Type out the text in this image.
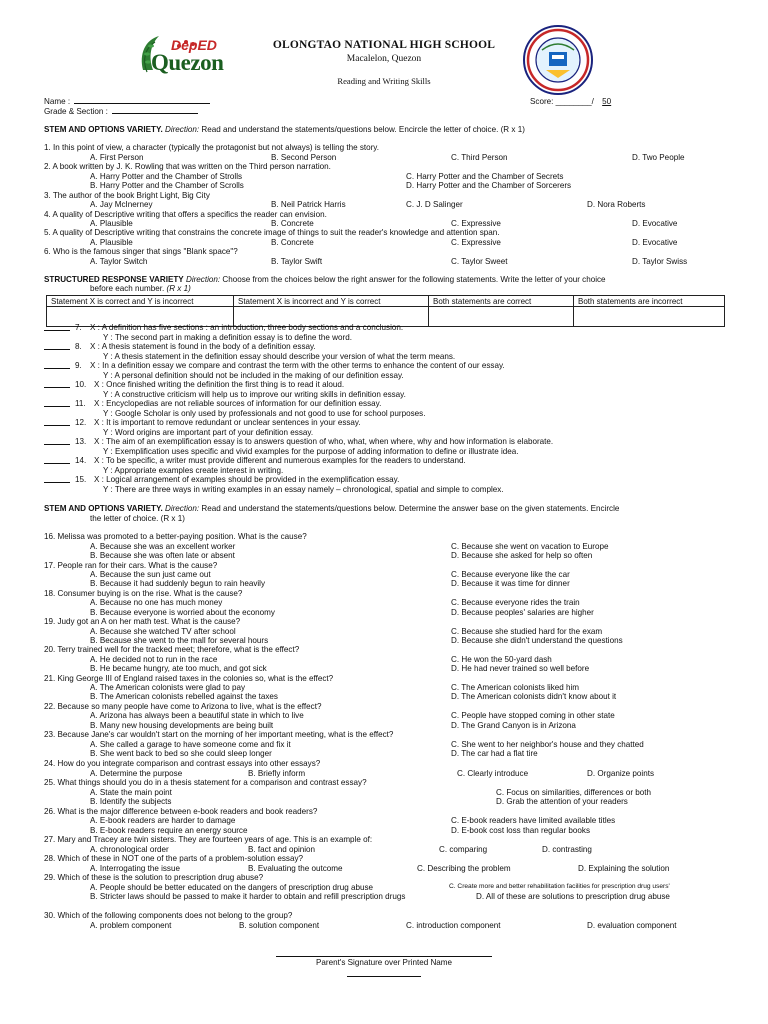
DepED
Quezon
OLONGTAO NATIONAL HIGH SCHOOL
Macalelon, Quezon
Reading and Writing Skills
Name :
Grade & Section :
Score: ________/ 50
STEM AND OPTIONS VARIETY. Direction: Read and understand the statements/questions below. Encircle the letter of choice. (R x 1)
1. In this point of view, a character (typically the protagonist but not always) is telling the story.
A. First Person	B. Second Person	C. Third Person	D. Two People
2. A book written by J. K. Rowling that was written on the Third person narration.
A. Harry Potter and the Chamber of Strolls
B. Harry Potter and the Chamber of Scrolls
C. Harry Potter and the Chamber of Secrets
D. Harry Potter and the Chamber of Sorcerers
3. The author of the book Bright Light, Big City
A. Jay McInerney	B. Neil Patrick Harris	C. J. D Salinger	D. Nora Roberts
4. A quality of Descriptive writing that offers a specifics the reader can envision.
A. Plausible	B. Concrete	C. Expressive	D. Evocative
5. A quality of Descriptive writing that constrains the concrete image of things to suit the reader's knowledge and attention span.
A. Plausible	B. Concrete	C. Expressive	D. Evocative
6. Who is the famous singer that sings "Blank space"?
A. Taylor Switch	B. Taylor Swift	C. Taylor Sweet	D. Taylor Swiss
STRUCTURED RESPONSE VARIETY Direction: Choose from the choices below the right answer for the following statements. Write the letter of your choice
before each number. (R x 1)
Statement X is correct and Y is incorrect	Statement X is incorrect and Y is correct	Both statements are correct	Both statements are incorrect

7. X : A definition has five sections : an introduction, three body sections and a conclusion.
Y : The second part in making a definition essay is to define the word.
8. X : A thesis statement is found in the body of a definition essay.
Y : A thesis statement in the definition essay should describe your version of what the term means.
9. X : In a definition essay we compare and contrast the term with the other terms to enhance the content of our essay.
Y : A personal definition should not be included in the making of our definition essay.
10. X : Once finished writing the definition the first thing is to read it aloud.
Y : A constructive criticism will help us to improve our writing skills in definition essay.
11. X : Encyclopedias are not reliable sources of information for our definition essay.
Y : Google Scholar is only used by professionals and not good to use for school purposes.
12. X : It is important to remove redundant or unclear sentences in your essay.
Y : Word origins are important part of your definition essay.
13. X : The aim of an exemplification essay is to answers question of who, what, when where, why and how information is elaborate.
Y : Exemplification uses specific and vivid examples for the purpose of adding information to define or illustrate idea.
14. X : To be specific, a writer must provide different and numerous examples for the readers to understand.
Y : Appropriate examples create interest in writing.
15. X : Logical arrangement of examples should be provided in the exemplification essay.
Y : There are three ways in writing examples in an essay namely – chronological, spatial and simple to complex.
STEM AND OPTIONS VARIETY. Direction: Read and understand the statements/questions below. Determine the answer base on the given statements. Encircle
the letter of choice. (R x 1)
16. Melissa was promoted to a better-paying position. What is the cause?
A. Because she was an excellent worker
B. Because she was often late or absent
C. Because she went on vacation to Europe
D. Because she asked for help so often
17. People ran for their cars. What is the cause?
A. Because the sun just came out
B. Because it had suddenly begun to rain heavily
C. Because everyone like the car
D. Because it was time for dinner
18. Consumer buying is on the rise. What is the cause?
A. Because no one has much money
B. Because everyone is worried about the economy
C. Because everyone rides the train
D. Because peoples' salaries are higher
19. Judy got an A on her math test. What is the cause?
A. Because she watched TV after school
B. Because she went to the mall for several hours
C. Because she studied hard for the exam
D. Because she didn't understand the questions
20. Terry trained well for the tracked meet; therefore, what is the effect?
A. He decided not to run in the race
B. He became hungry, ate too much, and got sick
C. He won the 50-yard dash
D. He had never trained so well before
21. King George III of England raised taxes in the colonies so, what is the effect?
A. The American colonists were glad to pay
B. The American colonists rebelled against the taxes
C. The American colonists liked him
D. The American colonists didn't know about it
22. Because so many people have come to Arizona to live, what is the effect?
A. Arizona has always been a beautiful state in which to live
B. Many new housing developments are being built
C. People have stopped coming in other state
D. The Grand Canyon is in Arizona
23. Because Jane's car wouldn't start on the morning of her important meeting, what is the effect?
A. She called a garage to have someone come and fix it
B. She went back to bed so she could sleep longer
C. She went to her neighbor's house and they chatted
D. The car had a flat tire
24. How do you integrate comparison and contrast essays into other essays?
A. Determine the purpose	B. Briefly inform	C. Clearly introduce	D. Organize points
25. What things should you do in a thesis statement for a comparison and contrast essay?
A. State the main point
B. Identify the subjects
C. Focus on similarities, differences or both
D. Grab the attention of your readers
26. What is the major difference between e-book readers and book readers?
A. E-book readers are harder to damage
B. E-book readers require an energy source
C. E-book readers have limited available titles
D. E-book cost loss than regular books
27. Mary and Tracey are twin sisters. They are fourteen years of age. This is an example of:
A. chronological order	B. fact and opinion	C. comparing	D. contrasting
28. Which of these in NOT one of the parts of a problem-solution essay?
A. Interrogating the issue	B. Evaluating the outcome	C. Describing the problem	D. Explaining the solution
29. Which of these is the solution to prescription drug abuse?
A. People should be better educated on the dangers of prescription drug abuse
B. Stricter laws should be passed to make it harder to obtain and refill prescription drugs
C. Create more and better rehabilitation facilities for prescription drug users'
D. All of these are solutions to prescription drug abuse
30. Which of the following components does not belong to the group?
A. problem component	B. solution component	C. introduction component	D. evaluation component
Parent's Signature over Printed Name
